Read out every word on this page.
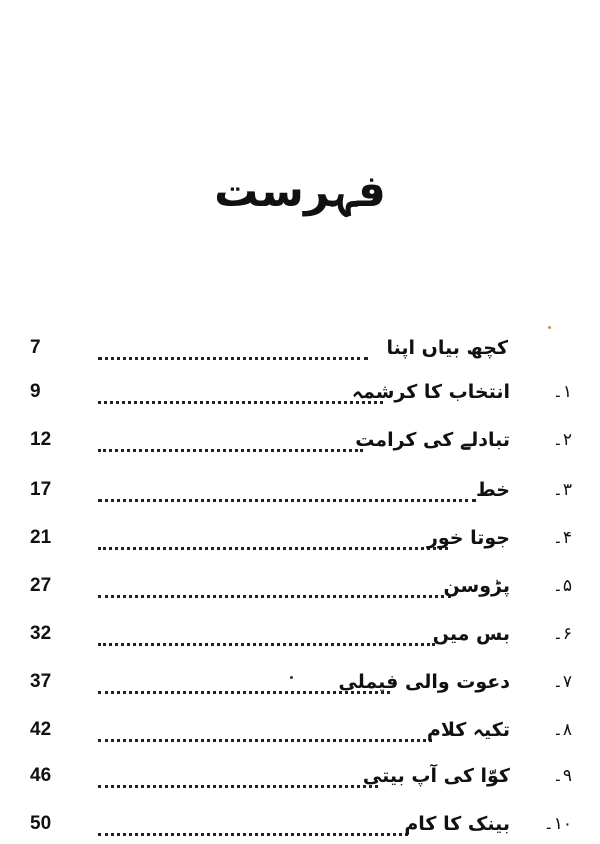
فہرست
7	کچھ بیاں اپنا
9	انتخاب کا کرشمہ	۱۔
12	تبادلے کی کرامت	۲۔
17	خط	۳۔
21	جوتا خور	۴۔
27	پڑوسن	۵۔
32	بس میں	۶۔
37	دعوت والی فیملی	۷۔
42	تکیہ کلام	۸۔
46	کوّا کی آپ بیتی	۹۔
50	بینک کا کام	۱۰۔
